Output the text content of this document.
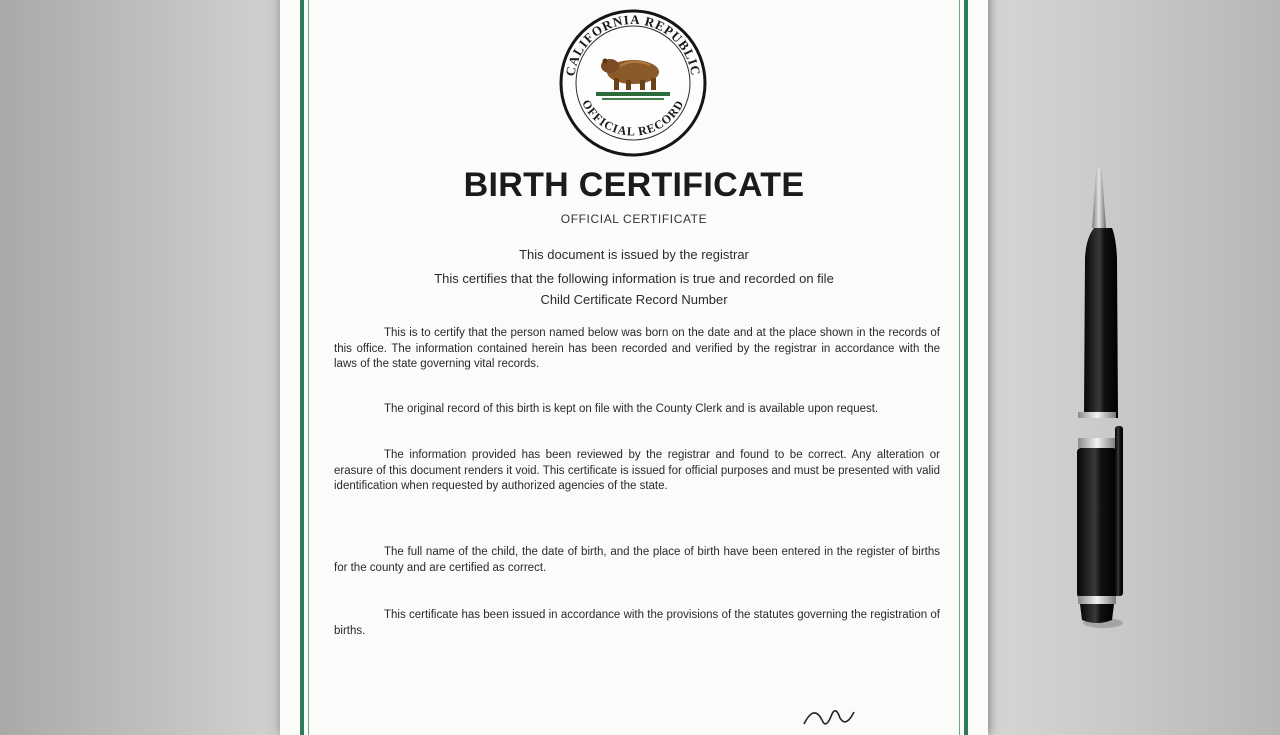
CALIFORNIA REPUBLIC
OFFICIAL RECORD
BIRTH CERTIFICATE
OFFICIAL CERTIFICATE
This document is issued by the registrar
This certifies that the following information is true and recorded on file
Child Certificate Record Number
This is to certify that the person named below was born on the date and at the place shown in the records of this office. The information contained herein has been recorded and verified by the registrar in accordance with the laws of the state governing vital records.
The original record of this birth is kept on file with the County Clerk and is available upon request.
The information provided has been reviewed by the registrar and found to be correct. Any alteration or erasure of this document renders it void. This certificate is issued for official purposes and must be presented with valid identification when requested by authorized agencies of the state.
The full name of the child, the date of birth, and the place of birth have been entered in the register of births for the county and are certified as correct.
This certificate has been issued in accordance with the provisions of the statutes governing the registration of births.
